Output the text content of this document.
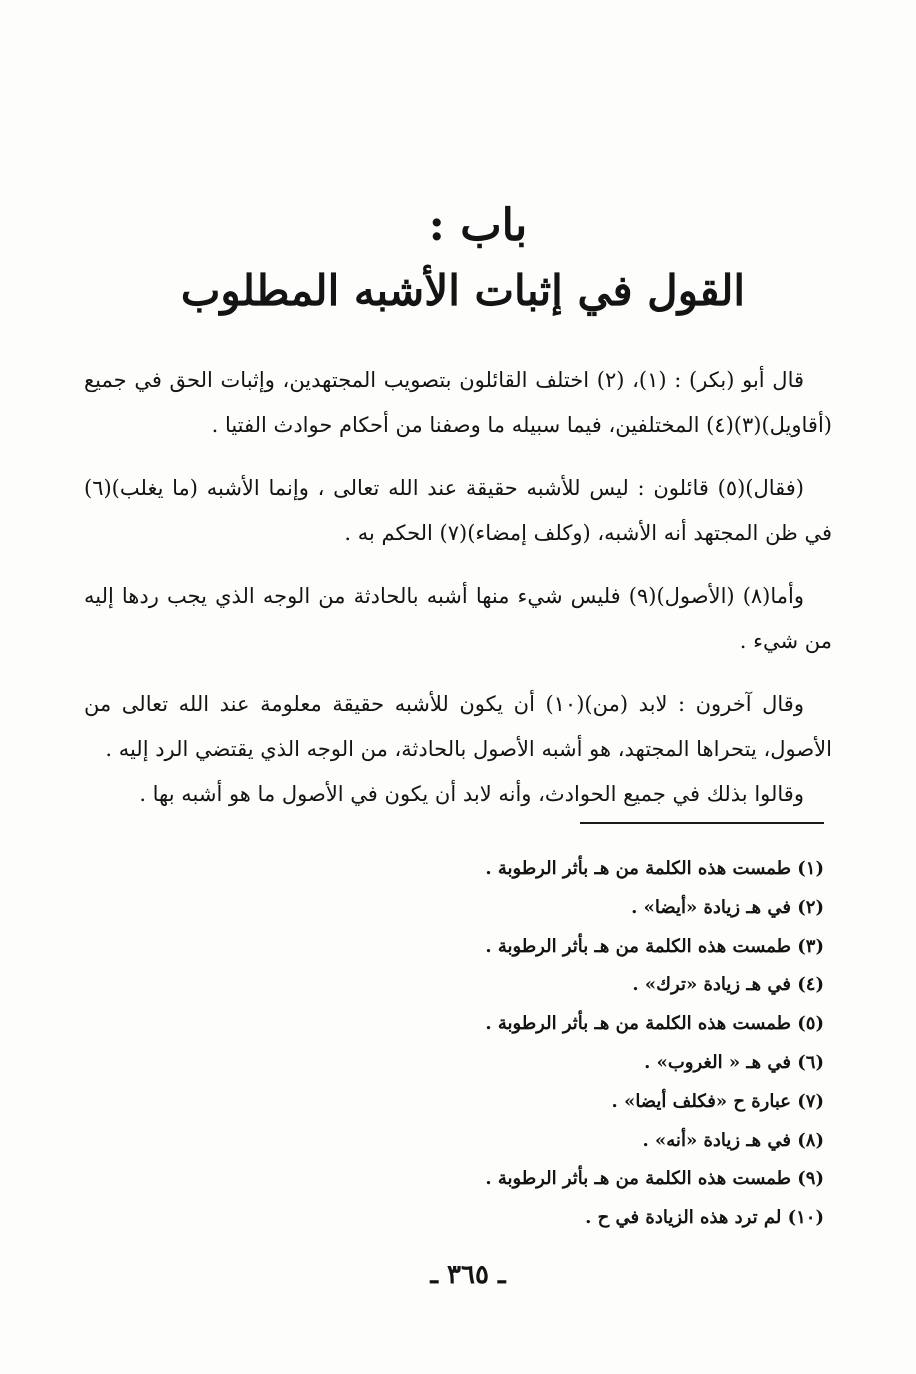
باب :
القول في إثبات الأشبه المطلوب

قال أبو (بكر) : (١)، (٢) اختلف القائلون بتصويب المجتهدين، وإثبات الحق في جميع (أقاويل)(٣)(٤) المختلفين، فيما سبيله ما وصفنا من أحكام حوادث الفتيا .

(فقال)(٥) قائلون : ليس للأشبه حقيقة عند الله تعالى ، وإنما الأشبه (ما يغلب)(٦) في ظن المجتهد أنه الأشبه، (وكلف إمضاء)(٧) الحكم به .

وأما(٨) (الأصول)(٩) فليس شيء منها أشبه بالحادثة من الوجه الذي يجب ردها إليه من شيء .

وقال آخرون : لابد (من)(١٠) أن يكون للأشبه حقيقة معلومة عند الله تعالى من الأصول، يتحراها المجتهد، هو أشبه الأصول بالحادثة، من الوجه الذي يقتضي الرد إليه .

وقالوا بذلك في جميع الحوادث، وأنه لابد أن يكون في الأصول ما هو أشبه بها .

(١) طمست هذه الكلمة من هـ بأثر الرطوبة .
(٢) في هـ زيادة «أيضا» .
(٣) طمست هذه الكلمة من هـ بأثر الرطوبة .
(٤) في هـ زيادة «ترك» .
(٥) طمست هذه الكلمة من هـ بأثر الرطوبة .
(٦) في هـ « الغروب» .
(٧) عبارة ح «فكلف أيضا» .
(٨) في هـ زيادة «أنه» .
(٩) طمست هذه الكلمة من هـ بأثر الرطوبة .
(١٠) لم ترد هذه الزيادة في ح .
ـ ٣٦٥ ـ
